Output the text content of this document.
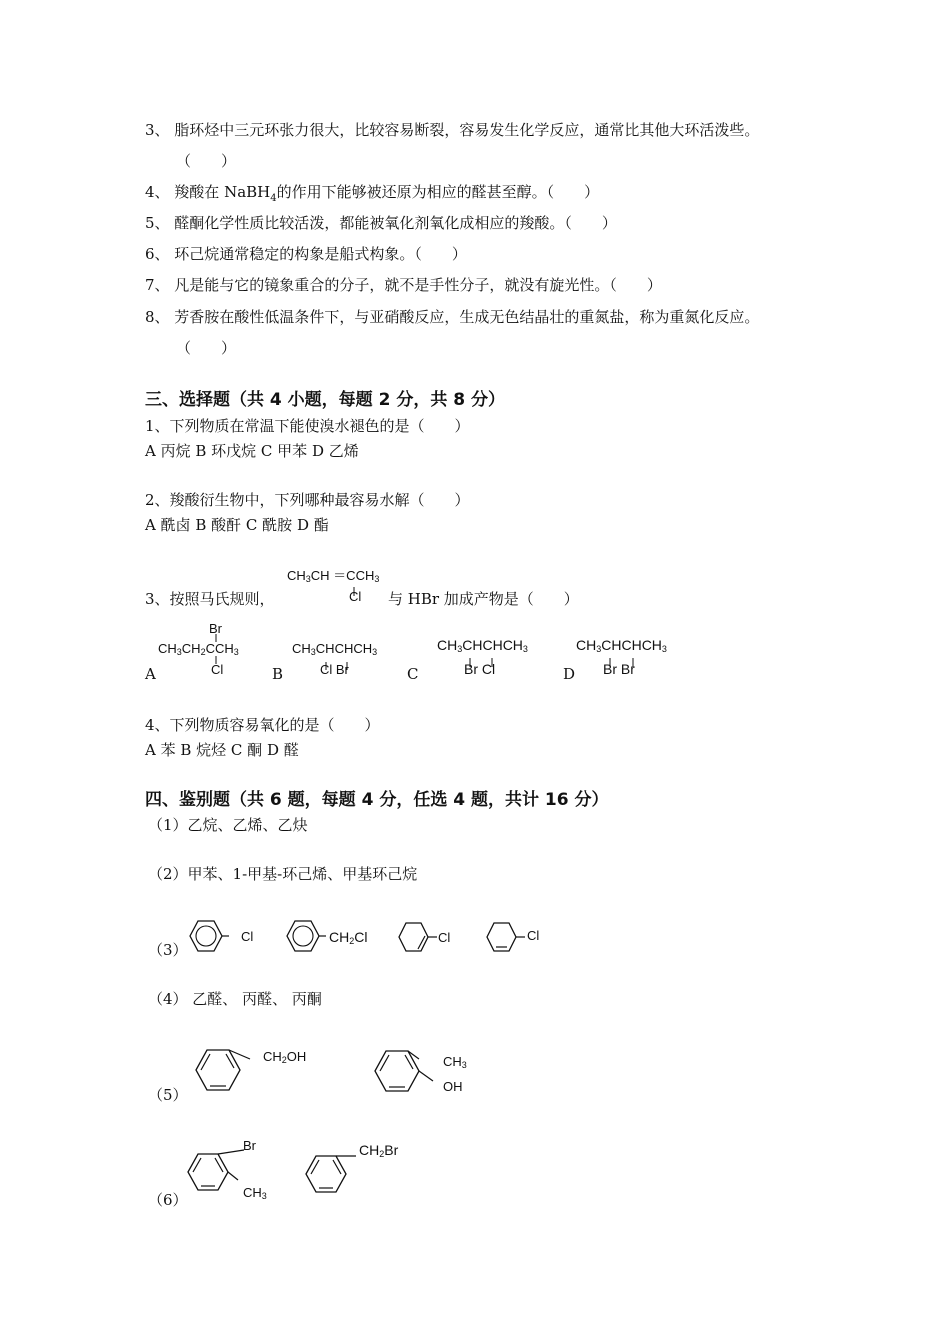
3、 脂环烃中三元环张力很大，比较容易断裂，容易发生化学反应，通常比其他大环活泼些。
（　　）
4、 羧酸在 NaBH$_4$的作用下能够被还原为相应的醛甚至醇。（　　）
5、 醛酮化学性质比较活泼，都能被氧化剂氧化成相应的羧酸。（　　）
6、 环己烷通常稳定的构象是船式构象。（　　）
7、 凡是能与它的镜象重合的分子，就不是手性分子，就没有旋光性。（　　）
8、 芳香胺在酸性低温条件下，与亚硝酸反应，生成无色结晶壮的重氮盐，称为重氮化反应。
（　　）
三、选择题（共 4 小题，每题 2 分，共 8 分）
1、下列物质在常温下能使溴水褪色的是（　　）
A 丙烷 B 环戊烷 C 甲苯 D 乙烯
2、羧酸衍生物中，下列哪种最容易水解（　　）
A 酰卤 B 酸酐 C 酰胺 D 酯
$CH_3CH =CCH_3$
Cl
3、按照马氏规则，	与 HBr 加成产物是（　　）
Br
$CH_3CH_2CCH_3$
Cl
A
$CH_3CHCHCH_3$
Cl Br
B
$CH_3CHCHCH_3$
Br Cl
C
$CH_3CHCHCH_3$
Br Br
D
4、下列物质容易氧化的是（　　）
A 苯 B 烷烃 C 酮 D 醛
四、鉴别题（共 6 题，每题 4 分，任选 4 题，共计 16 分）
（1）乙烷、乙烯、乙炔
（2）甲苯、1-甲基-环己烯、甲基环己烷
（3）
Cl	$CH_2Cl$	Cl	Cl
（4） 乙醛、 丙醛、 丙酮
（5）
$CH_2OH$	$CH_3$
OH
（6）
Br
$CH_3$
$CH_2Br$
